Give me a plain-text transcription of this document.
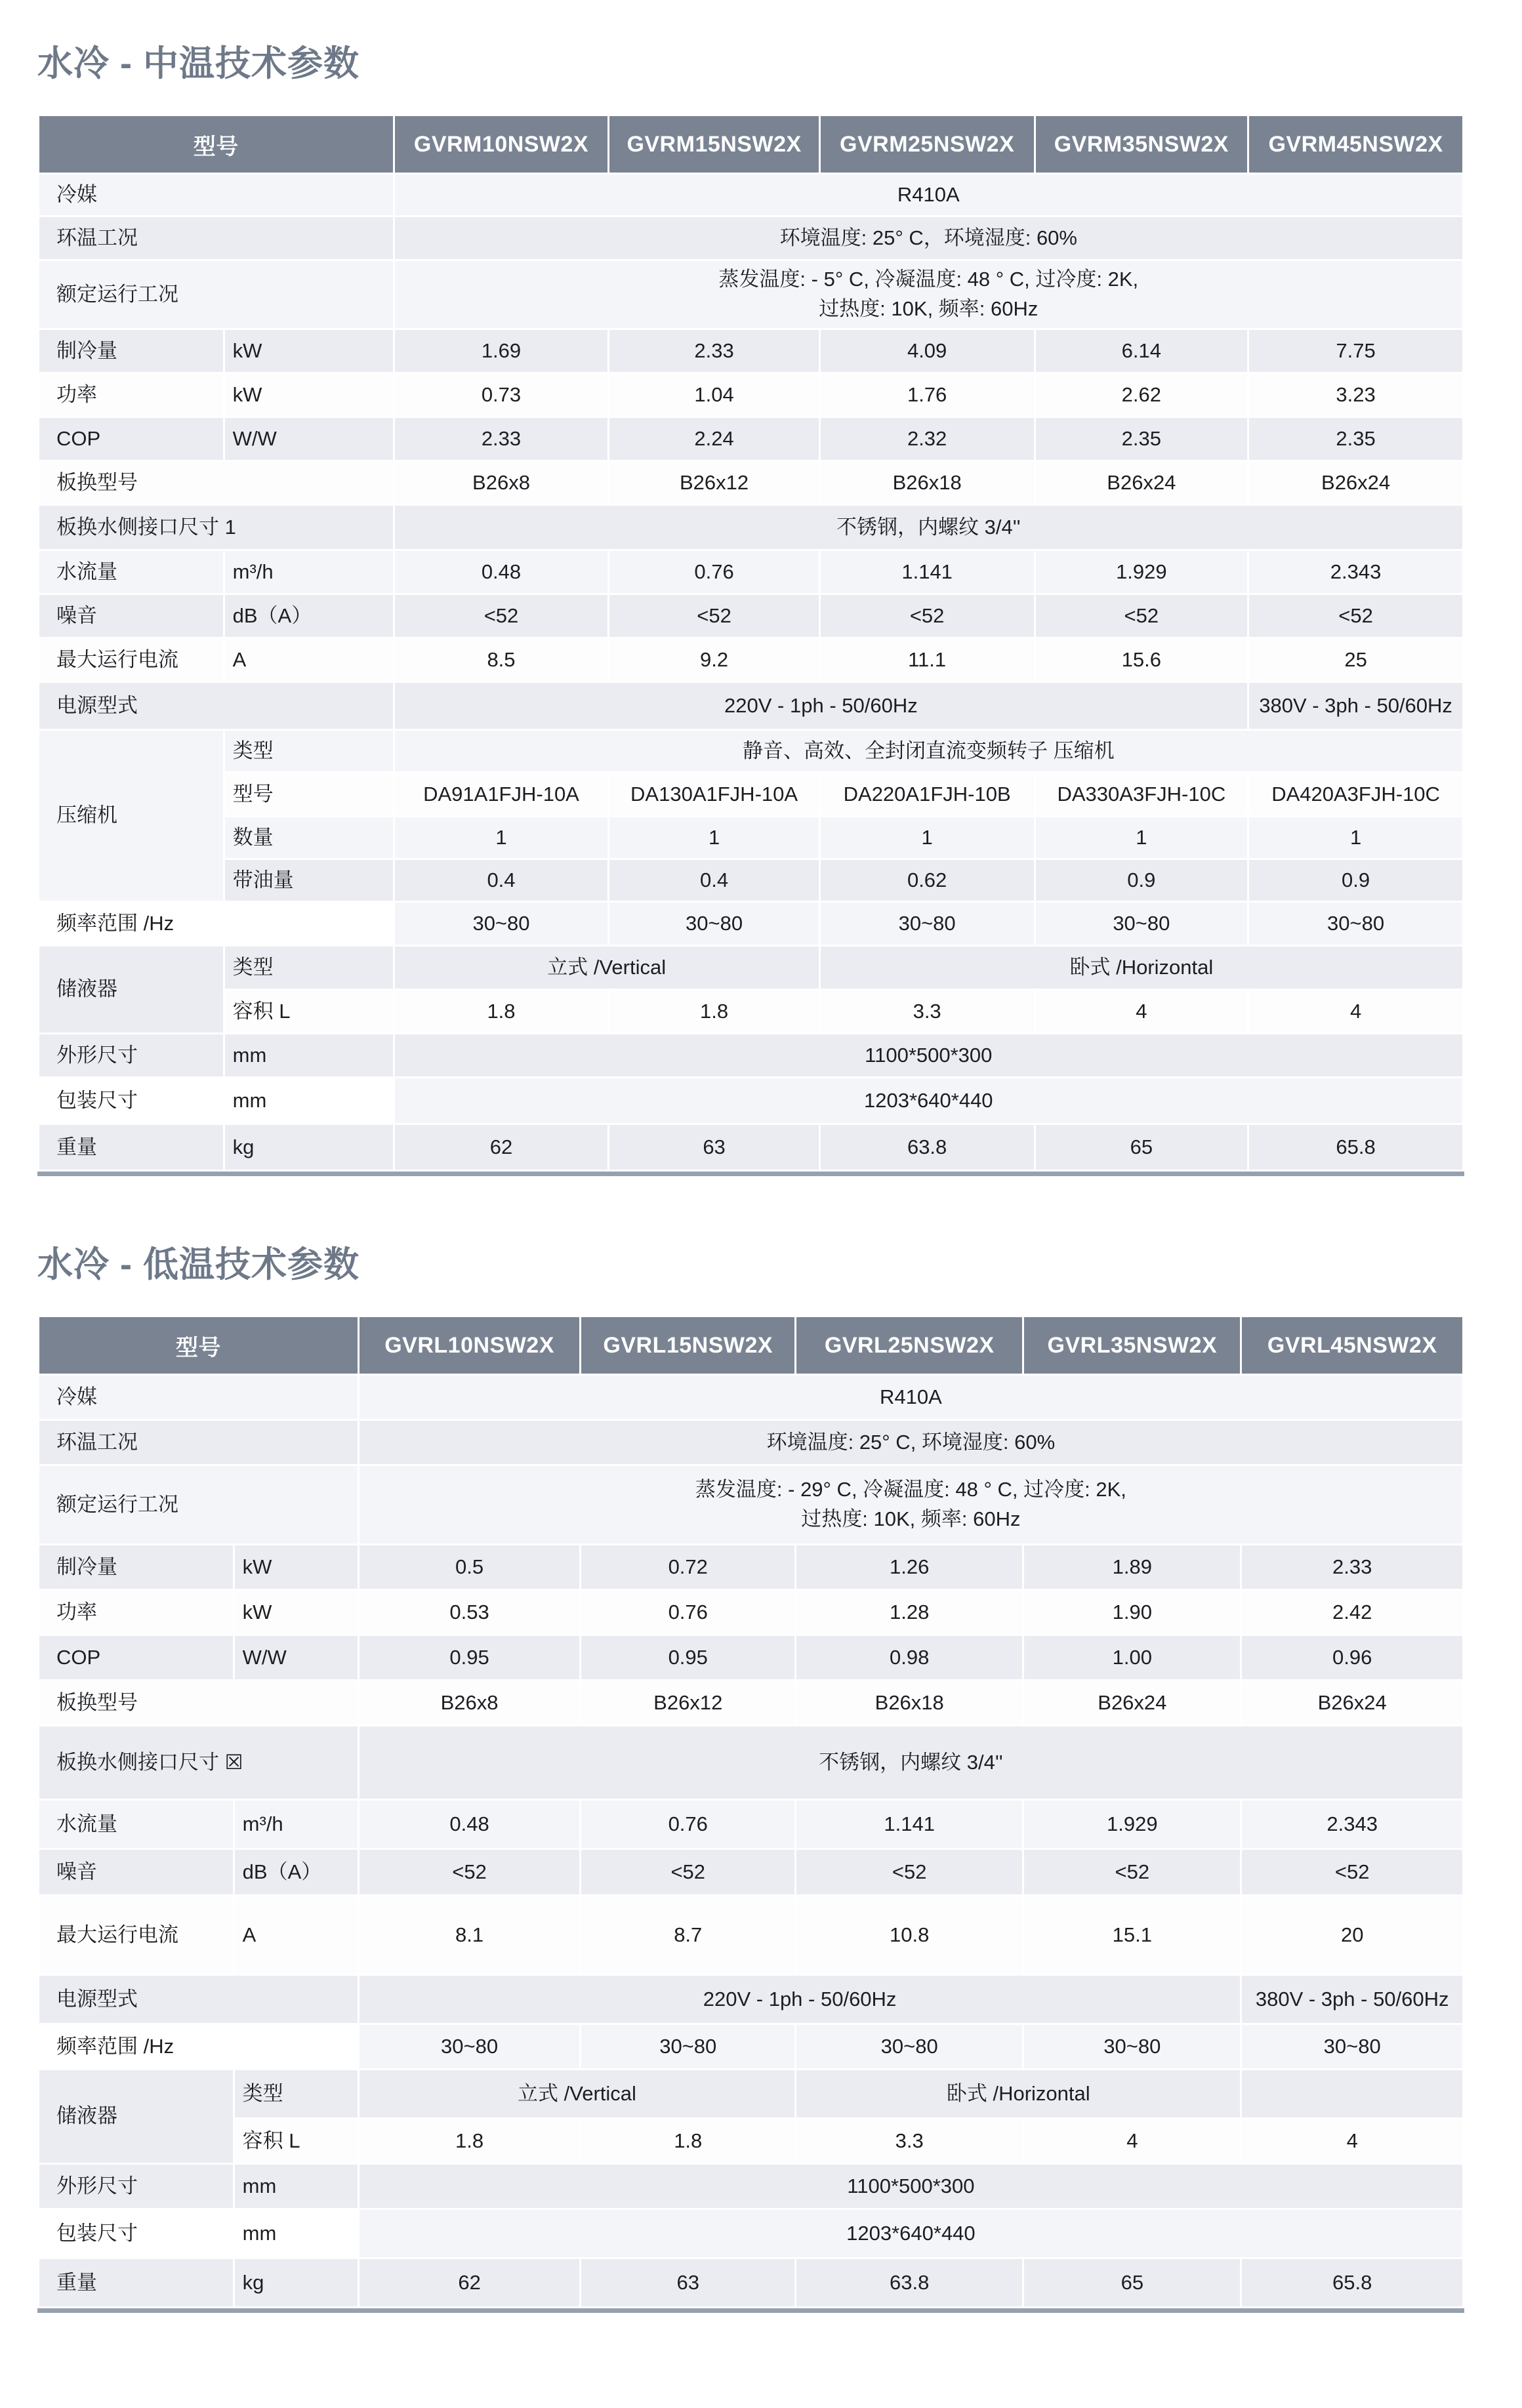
水冷 - 中温技术参数
型号		GVRM10NSW2X	GVRM15NSW2X	GVRM25NSW2X	GVRM35NSW2X	GVRM45NSW2X
冷媒		R410A				
环温工况		环境温度: 25° C，环境湿度: 60%				
额定运行工况		蒸发温度: - 5° C, 冷凝温度: 48 ° C, 过冷度: 2K,
过热度: 10K, 频率: 60Hz				
制冷量	kW	1.69	2.33	4.09	6.14	7.75
功率	kW	0.73	1.04	1.76	2.62	3.23
COP	W/W	2.33	2.24	2.32	2.35	2.35
板换型号		B26x8	B26x12	B26x18	B26x24	B26x24
板换水侧接口尺寸 1		不锈钢，内螺纹 3/4''				
水流量	m³/h	0.48	0.76	1.141	1.929	2.343
噪音	dB（A）	<52	<52	<52	<52	<52
最大运行电流	A	8.5	9.2	11.1	15.6	25
电源型式		220V - 1ph - 50/60Hz				380V - 3ph - 50/60Hz
压缩机	类型	静音、高效、全封闭直流变频转子 压缩机				
	型号	DA91A1FJH-10A	DA130A1FJH-10A	DA220A1FJH-10B	DA330A3FJH-10C	DA420A3FJH-10C
	数量	1	1	1	1	1
	带油量	0.4	0.4	0.62	0.9	0.9
频率范围 /Hz		30~80	30~80	30~80	30~80	30~80
储液器	类型	立式 /Vertical		卧式 /Horizontal		
	容积 L	1.8	1.8	3.3	4	4
外形尺寸	mm	1100*500*300				
包装尺寸	mm	1203*640*440				
重量	kg	62	63	63.8	65	65.8
水冷 - 低温技术参数
型号		GVRL10NSW2X	GVRL15NSW2X	GVRL25NSW2X	GVRL35NSW2X	GVRL45NSW2X
冷媒		R410A				
环温工况		环境温度: 25° C, 环境湿度: 60%				
额定运行工况		蒸发温度: - 29° C, 冷凝温度: 48 ° C, 过冷度: 2K,
过热度: 10K, 频率: 60Hz				
制冷量	kW	0.5	0.72	1.26	1.89	2.33
功率	kW	0.53	0.76	1.28	1.90	2.42
COP	W/W	0.95	0.95	0.98	1.00	0.96
板换型号		B26x8	B26x12	B26x18	B26x24	B26x24
板换水侧接口尺寸 ☒		不锈钢，内螺纹 3/4''				
水流量	m³/h	0.48	0.76	1.141	1.929	2.343
噪音	dB（A）	<52	<52	<52	<52	<52
最大运行电流	A	8.1	8.7	10.8	15.1	20
电源型式		220V - 1ph - 50/60Hz				380V - 3ph - 50/60Hz
频率范围 /Hz		30~80	30~80	30~80	30~80	30~80
储液器	类型	立式 /Vertical		卧式 /Horizontal		
	容积 L	1.8	1.8	3.3	4	4
外形尺寸	mm	1100*500*300				
包装尺寸	mm	1203*640*440				
重量	kg	62	63	63.8	65	65.8
